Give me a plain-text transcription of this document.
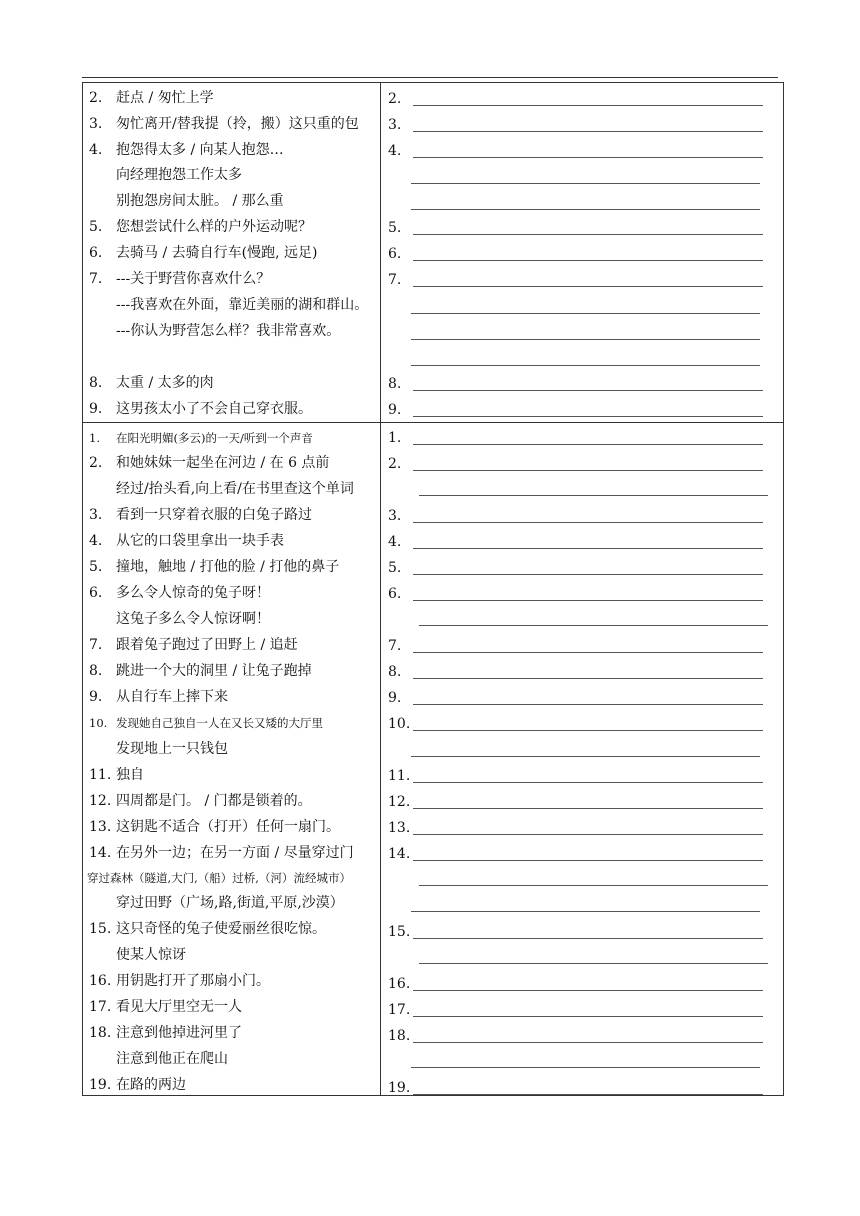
2. 赶点 / 匆忙上学
3. 匆忙离开/替我提（拎，搬）这只重的包
4. 抱怨得太多 / 向某人抱怨…
向经理抱怨工作太多
别抱怨房间太脏。 / 那么重
5. 您想尝试什么样的户外运动呢？
6. 去骑马 / 去骑自行车(慢跑, 远足)
7. ---关于野营你喜欢什么？
---我喜欢在外面，靠近美丽的湖和群山。
---你认为野营怎么样？我非常喜欢。
8. 太重 / 太多的肉
9. 这男孩太小了不会自己穿衣服。
2.
3.
4.
5.
6.
7.
8.
9.
1. 在阳光明媚(多云)的一天/听到一个声音
2. 和她妹妹一起坐在河边 / 在 6 点前
经过/抬头看,向上看/在书里查这个单词
3. 看到一只穿着衣服的白兔子路过
4. 从它的口袋里拿出一块手表
5. 撞地，触地 / 打他的脸 / 打他的鼻子
6. 多么令人惊奇的兔子呀！
这兔子多么令人惊讶啊！
7. 跟着兔子跑过了田野上 / 追赶
8. 跳进一个大的洞里 / 让兔子跑掉
9. 从自行车上摔下来
10. 发现她自己独自一人在又长又矮的大厅里
发现地上一只钱包
11. 独自
12. 四周都是门。 / 门都是锁着的。
13. 这钥匙不适合（打开）任何一扇门。
14. 在另外一边；在另一方面 / 尽量穿过门
穿过森林（隧道,大门,（船）过桥,（河）流经城市）
穿过田野（广场,路,街道,平原,沙漠）
15. 这只奇怪的兔子使爱丽丝很吃惊。
使某人惊讶
16. 用钥匙打开了那扇小门。
17. 看见大厅里空无一人
18. 注意到他掉进河里了
注意到他正在爬山
19. 在路的两边
1.
2.
3.
4.
5.
6.
7.
8.
9.
10.
11.
12.
13.
14.
15.
16.
17.
18.
19.
